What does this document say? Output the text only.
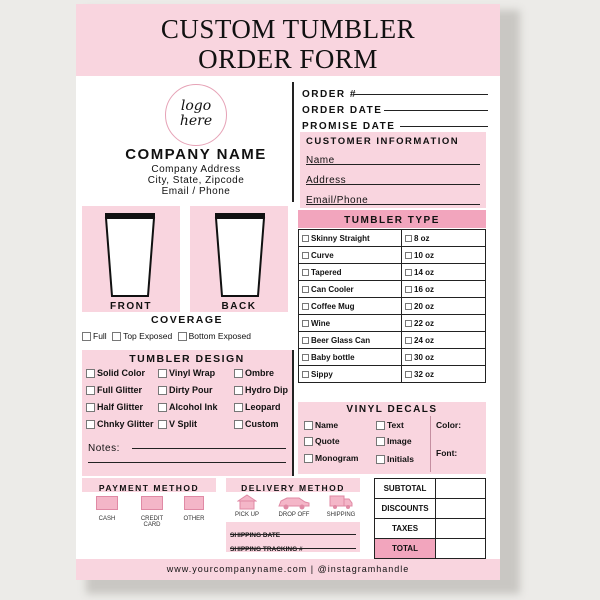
CUSTOM TUMBLER
ORDER FORM
logo
here
COMPANY NAME
Company Address
City, State, Zipcode
Email / Phone
ORDER #
ORDER DATE
PROMISE DATE
CUSTOMER INFORMATION
Name
Address
Email/Phone
FRONT	BACK
COVERAGE
Full Top Exposed Bottom Exposed
TUMBLER DESIGN
Solid Color	Vinyl Wrap	Ombre
Full Glitter	Dirty Pour	Hydro Dip
Half Glitter	Alcohol Ink	Leopard
Chnky Glitter	V Split	Custom
Notes:
TUMBLER TYPE
Skinny Straight	8 oz
Curve	10 oz
Tapered	14 oz
Can Cooler	16 oz
Coffee Mug	20 oz
Wine	22 oz
Beer Glass Can	24 oz
Baby bottle	30 oz
Sippy	32 oz
VINYL DECALS
Name	Text	Color:
Quote	Image
Monogram	Initials
Font:
PAYMENT METHOD
CASH	CREDIT CARD
OTHER
DELIVERY METHOD
PICK UP	DROP OFF	SHIPPING
SHIPPING DATE
SHIPPING TRACKING #
SUBTOTAL	
DISCOUNTS	
TAXES	
TOTAL	
www.yourcompanyname.com | @instagramhandle
